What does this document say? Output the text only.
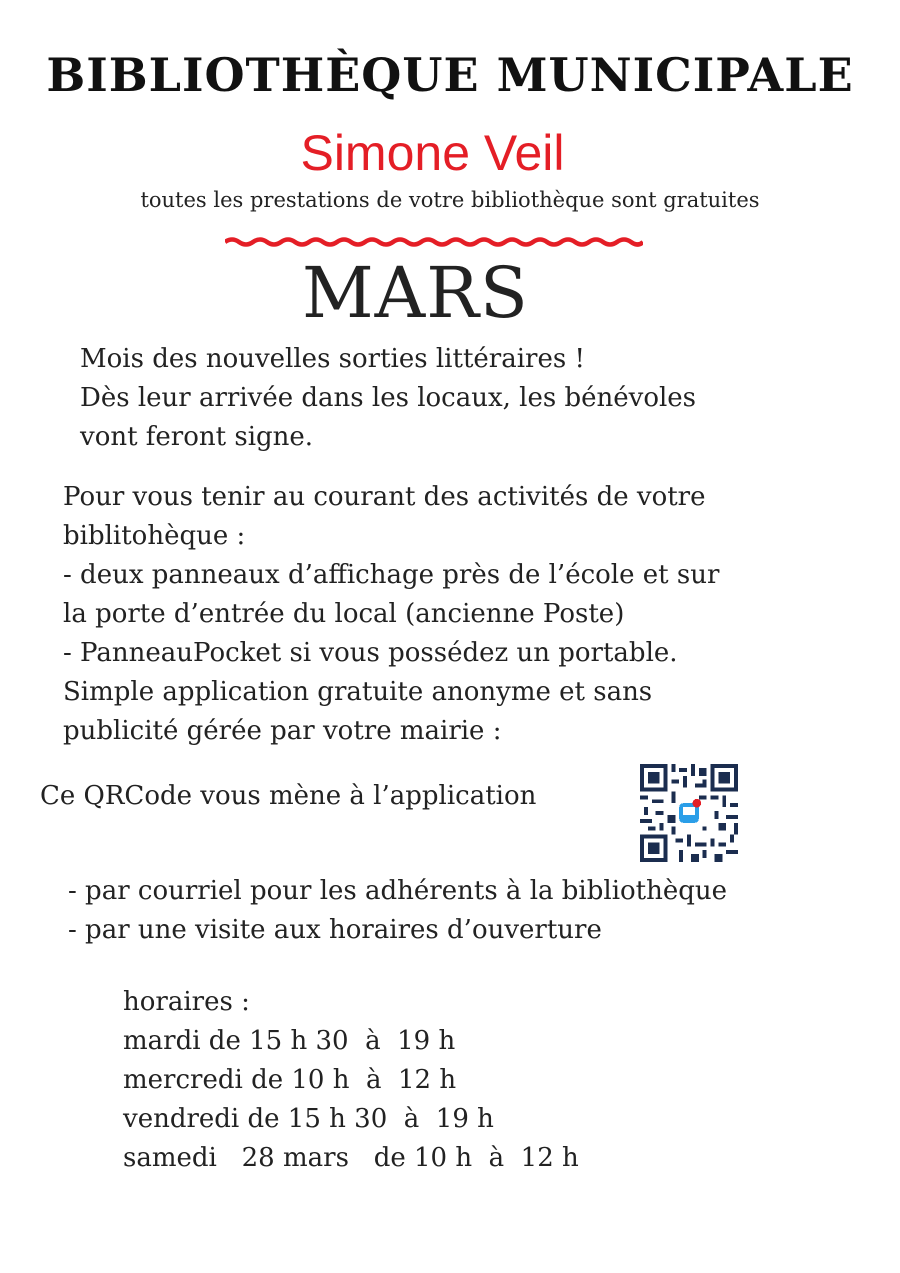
BIBLIOTHÈQUE MUNICIPALE
Simone Veil
toutes les prestations de votre bibliothèque sont gratuites
MARS
Mois des nouvelles sorties littéraires !
Dès leur arrivée dans les locaux, les bénévoles
vont feront signe.
Pour vous tenir au courant des activités de votre
biblitohèque :
- deux panneaux d’affichage près de l’école et sur
la porte d’entrée du local (ancienne Poste)
- PanneauPocket si vous possédez un portable.
Simple application gratuite anonyme et sans
publicité gérée par votre mairie :
Ce QRCode vous mène à l’application
- par courriel pour les adhérents à la bibliothèque
- par une visite aux horaires d’ouverture
horaires :
mardi de 15 h 30  à  19 h
mercredi de 10 h  à  12 h
vendredi de 15 h 30  à  19 h
samedi   28 mars   de 10 h  à  12 h
